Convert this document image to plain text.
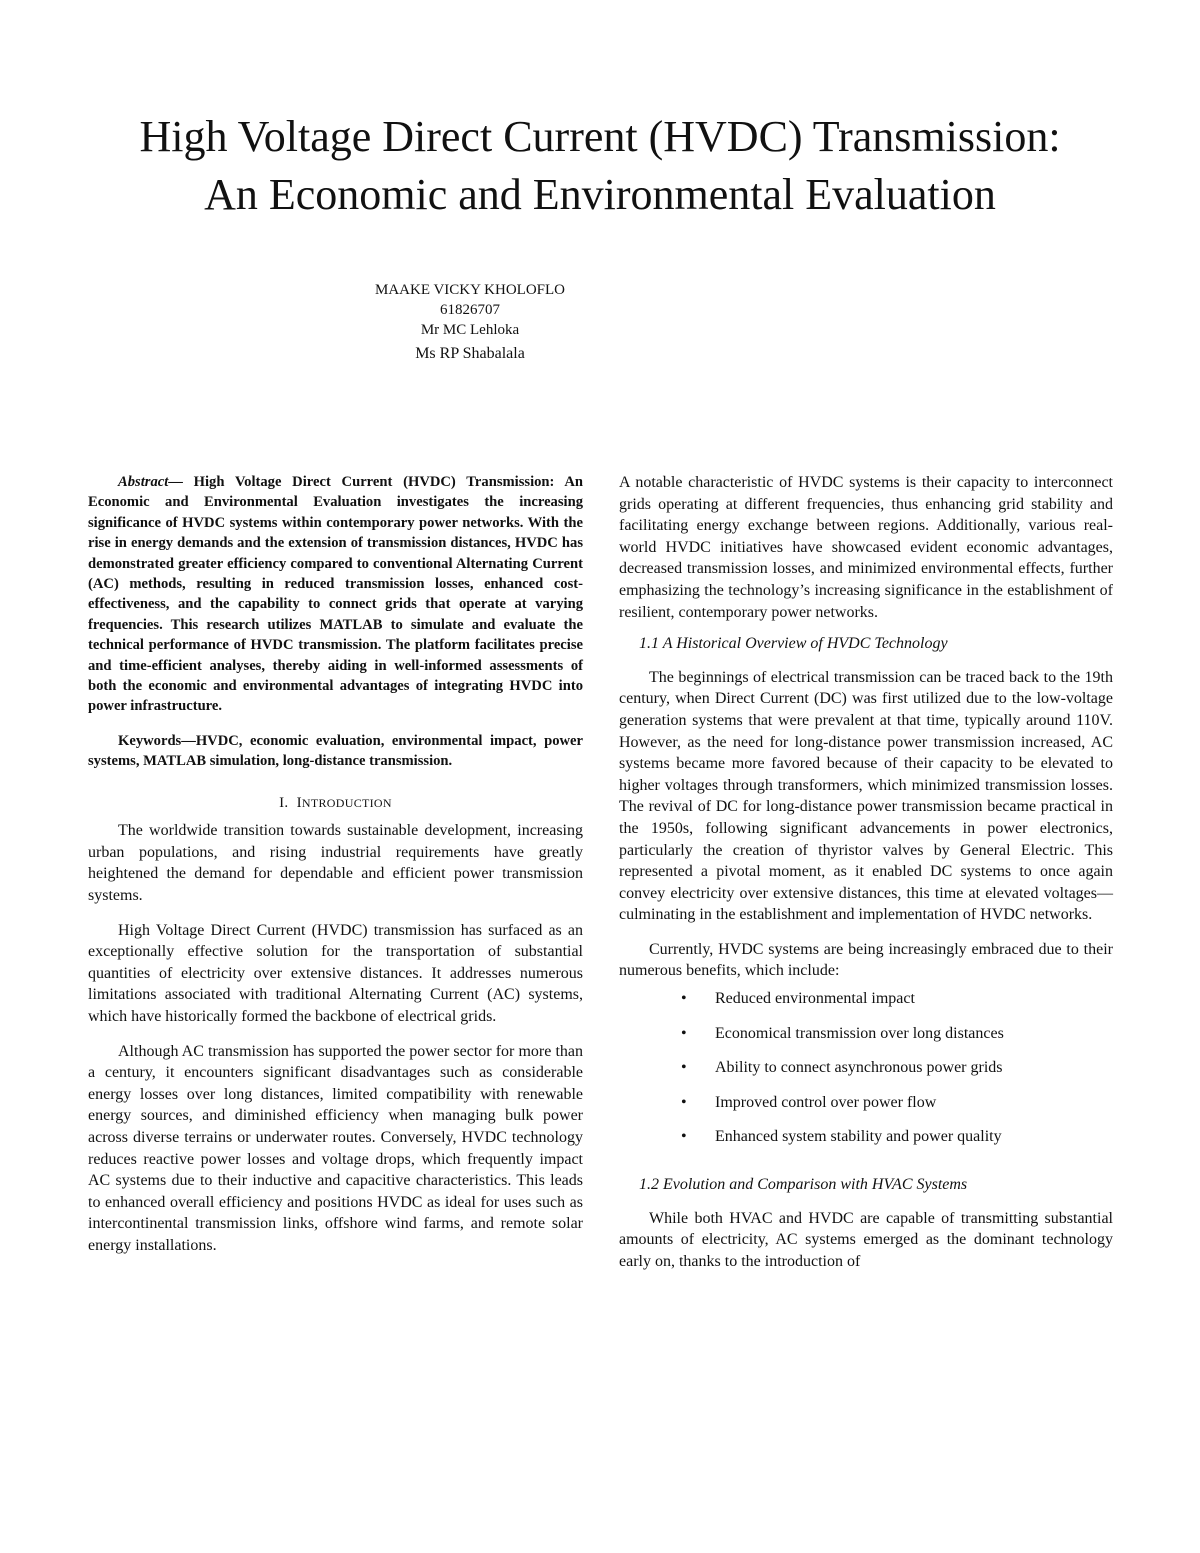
High Voltage Direct Current (HVDC) Transmission:
An Economic and Environmental Evaluation
MAAKE VICKY KHOLOFLO
61826707
Mr MC Lehloka
Ms RP Shabalala

Abstract— High Voltage Direct Current (HVDC) Transmission: An Economic and Environmental Evaluation investigates the increasing significance of HVDC systems within contemporary power networks. With the rise in energy demands and the extension of transmission distances, HVDC has demonstrated greater efficiency compared to conventional Alternating Current (AC) methods, resulting in reduced transmission losses, enhanced cost-effectiveness, and the capability to connect grids that operate at varying frequencies. This research utilizes MATLAB to simulate and evaluate the technical performance of HVDC transmission. The platform facilitates precise and time-efficient analyses, thereby aiding in well-informed assessments of both the economic and environmental advantages of integrating HVDC into power infrastructure.

Keywords—HVDC, economic evaluation, environmental impact, power systems, MATLAB simulation, long-distance transmission.

I. INTRODUCTION

The worldwide transition towards sustainable development, increasing urban populations, and rising industrial requirements have greatly heightened the demand for dependable and efficient power transmission systems.

High Voltage Direct Current (HVDC) transmission has surfaced as an exceptionally effective solution for the transportation of substantial quantities of electricity over extensive distances. It addresses numerous limitations associated with traditional Alternating Current (AC) systems, which have historically formed the backbone of electrical grids.

Although AC transmission has supported the power sector for more than a century, it encounters significant disadvantages such as considerable energy losses over long distances, limited compatibility with renewable energy sources, and diminished efficiency when managing bulk power across diverse terrains or underwater routes. Conversely, HVDC technology reduces reactive power losses and voltage drops, which frequently impact AC systems due to their inductive and capacitive characteristics. This leads to enhanced overall efficiency and positions HVDC as ideal for uses such as intercontinental transmission links, offshore wind farms, and remote solar energy installations.

A notable characteristic of HVDC systems is their capacity to interconnect grids operating at different frequencies, thus enhancing grid stability and facilitating energy exchange between regions. Additionally, various real-world HVDC initiatives have showcased evident economic advantages, decreased transmission losses, and minimized environmental effects, further emphasizing the technology’s increasing significance in the establishment of resilient, contemporary power networks.

1.1 A Historical Overview of HVDC Technology

The beginnings of electrical transmission can be traced back to the 19th century, when Direct Current (DC) was first utilized due to the low-voltage generation systems that were prevalent at that time, typically around 110V. However, as the need for long-distance power transmission increased, AC systems became more favored because of their capacity to be elevated to higher voltages through transformers, which minimized transmission losses. The revival of DC for long-distance power transmission became practical in the 1950s, following significant advancements in power electronics, particularly the creation of thyristor valves by General Electric. This represented a pivotal moment, as it enabled DC systems to once again convey electricity over extensive distances, this time at elevated voltages—culminating in the establishment and implementation of HVDC networks.

Currently, HVDC systems are being increasingly embraced due to their numerous benefits, which include:

• Reduced environmental impact
• Economical transmission over long distances
• Ability to connect asynchronous power grids
• Improved control over power flow
• Enhanced system stability and power quality

1.2 Evolution and Comparison with HVAC Systems

While both HVAC and HVDC are capable of transmitting substantial amounts of electricity, AC systems emerged as the dominant technology early on, thanks to the introduction of
